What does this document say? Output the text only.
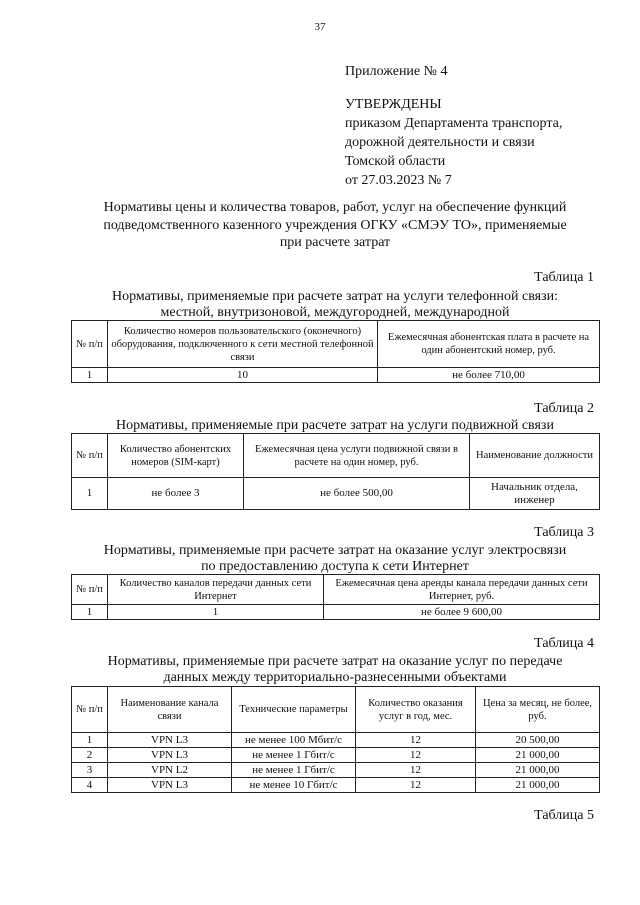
37
Приложение № 4
УТВЕРЖДЕНЫ
приказом Департамента транспорта,
дорожной деятельности и связи
Томской области
от 27.03.2023 № 7
Нормативы цены и количества товаров, работ, услуг на обеспечение функций
подведомственного казенного учреждения ОГКУ «СМЭУ ТО», применяемые
при расчете затрат
Таблица 1
Нормативы, применяемые при расчете затрат на услуги телефонной связи:
местной, внутризоновой, междугородней, международной
№ п/п	Количество номеров пользовательского (оконечного) оборудования, подключенного к сети местной телефонной связи	Ежемесячная абонентская плата в расчете на один абонентский номер, руб.
1	10	не более 710,00
Таблица 2
Нормативы, применяемые при расчете затрат на услуги подвижной связи
№ п/п	Количество абонентских номеров (SIM-карт)	Ежемесячная цена услуги подвижной связи в расчете на один номер, руб.	Наименование должности
1	не более 3	не более 500,00	Начальник отдела, инженер
Таблица 3
Нормативы, применяемые при расчете затрат на оказание услуг электросвязи
по предоставлению доступа к сети Интернет
№ п/п	Количество каналов передачи данных сети Интернет	Ежемесячная цена аренды канала передачи данных сети Интернет, руб.
1	1	не более 9 600,00
Таблица 4
Нормативы, применяемые при расчете затрат на оказание услуг по передаче
данных между территориально-разнесенными объектами
№ п/п	Наименование канала связи	Технические параметры	Количество оказания услуг в год, мес.	Цена за месяц, не более, руб.
1	VPN L3	не менее 100 Мбит/с	12	20 500,00
2	VPN L3	не менее 1 Гбит/с	12	21 000,00
3	VPN L2	не менее 1 Гбит/с	12	21 000,00
4	VPN L3	не менее 10 Гбит/с	12	21 000,00
Таблица 5
